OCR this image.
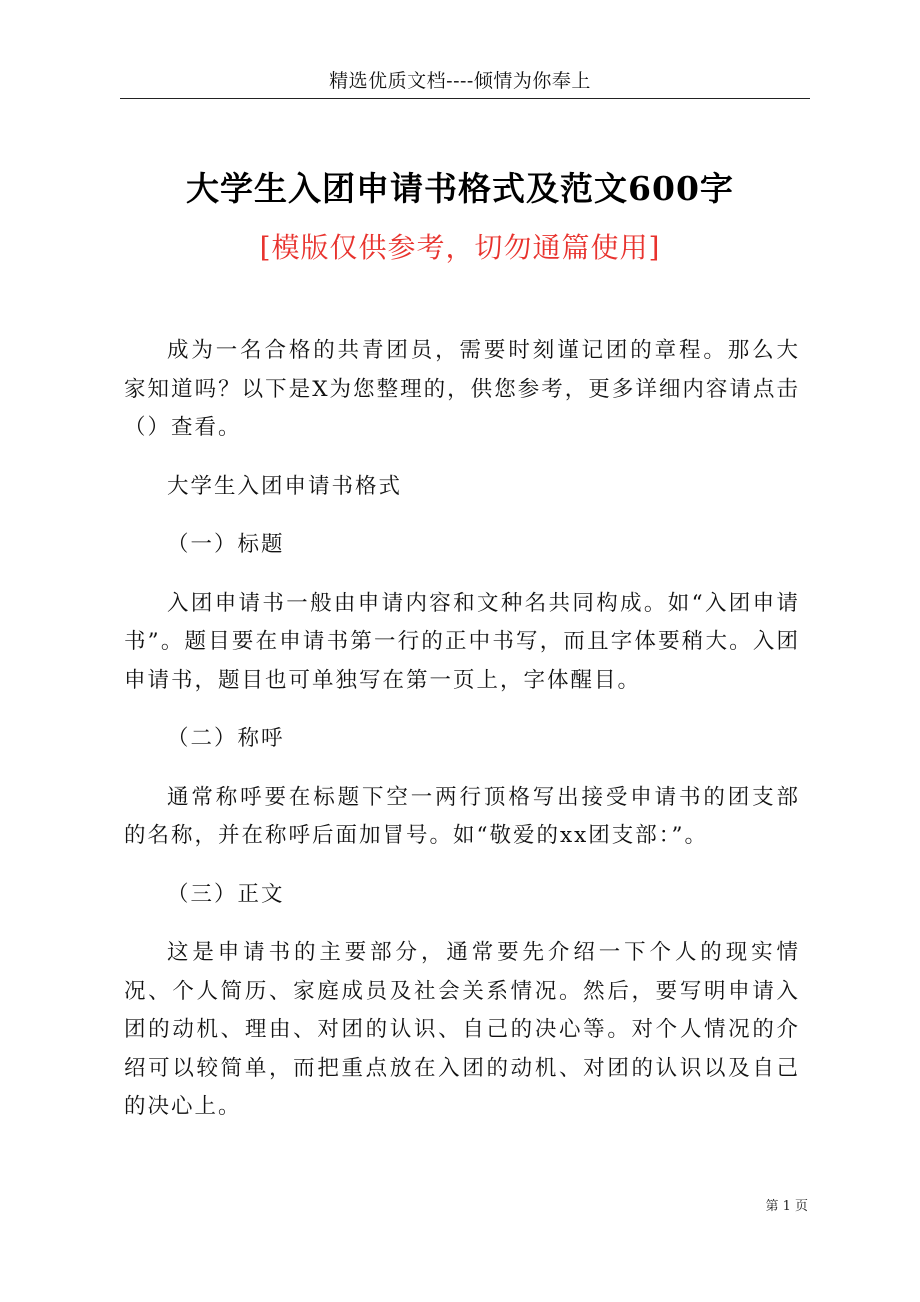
精选优质文档----倾情为你奉上
大学生入团申请书格式及范文600字
[模版仅供参考，切勿通篇使用]

成为一名合格的共青团员，需要时刻谨记团的章程。那么大家知道吗？以下是X为您整理的，供您参考，更多详细内容请点击（）查看。

大学生入团申请书格式

（一）标题

入团申请书一般由申请内容和文种名共同构成。如“入团申请书”。题目要在申请书第一行的正中书写，而且字体要稍大。入团申请书，题目也可单独写在第一页上，字体醒目。

（二）称呼

通常称呼要在标题下空一两行顶格写出接受申请书的团支部的名称，并在称呼后面加冒号。如“敬爱的xx团支部：”。

（三）正文

这是申请书的主要部分，通常要先介绍一下个人的现实情况、个人简历、家庭成员及社会关系情况。然后，要写明申请入团的动机、理由、对团的认识、自己的决心等。对个人情况的介绍可以较简单，而把重点放在入团的动机、对团的认识以及自己的决心上。

第 1 页
